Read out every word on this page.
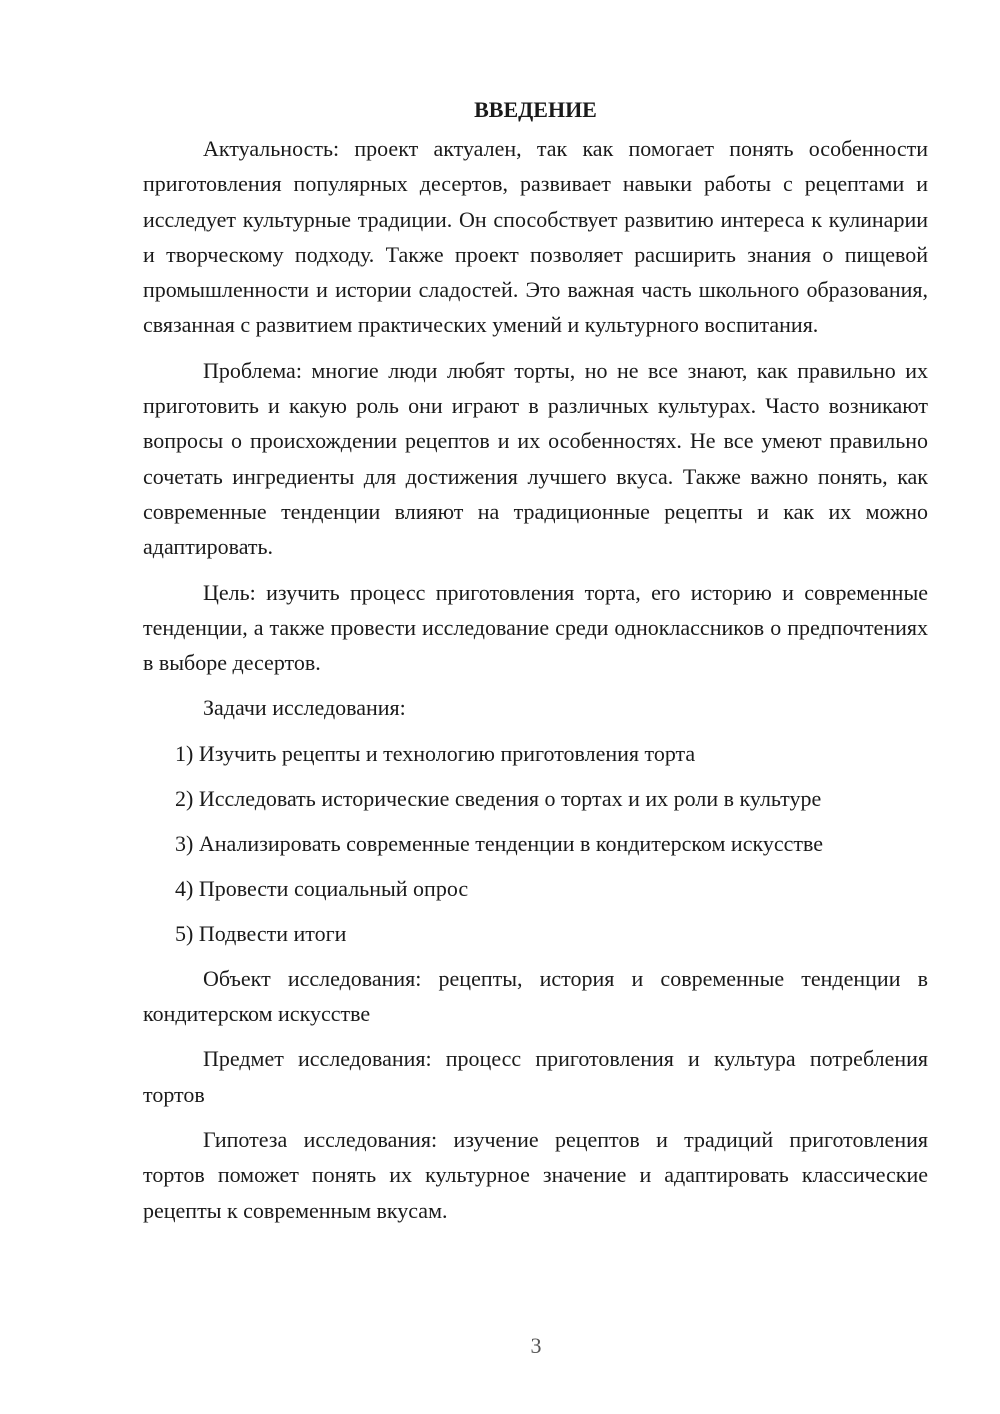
ВВЕДЕНИЕ

Актуальность: проект актуален, так как помогает понять особенности приготовления популярных десертов, развивает навыки работы с рецептами и исследует культурные традиции. Он способствует развитию интереса к кулинарии и творческому подходу. Также проект позволяет расширить знания о пищевой промышленности и истории сладостей. Это важная часть школьного образования, связанная с развитием практических умений и культурного воспитания.

Проблема: многие люди любят торты, но не все знают, как правильно их приготовить и какую роль они играют в различных культурах. Часто возникают вопросы о происхождении рецептов и их особенностях. Не все умеют правильно сочетать ингредиенты для достижения лучшего вкуса. Также важно понять, как современные тенденции влияют на традиционные рецепты и как их можно адаптировать.

Цель: изучить процесс приготовления торта, его историю и современные тенденции, а также провести исследование среди одноклассников о предпочтениях в выборе десертов.

Задачи исследования:

1) Изучить рецепты и технологию приготовления торта
2) Исследовать исторические сведения о тортах и их роли в культуре
3) Анализировать современные тенденции в кондитерском искусстве
4) Провести социальный опрос
5) Подвести итоги

Объект исследования: рецепты, история и современные тенденции в кондитерском искусстве

Предмет исследования: процесс приготовления и культура потребления тортов

Гипотеза исследования: изучение рецептов и традиций приготовления тортов поможет понять их культурное значение и адаптировать классические рецепты к современным вкусам.

3
